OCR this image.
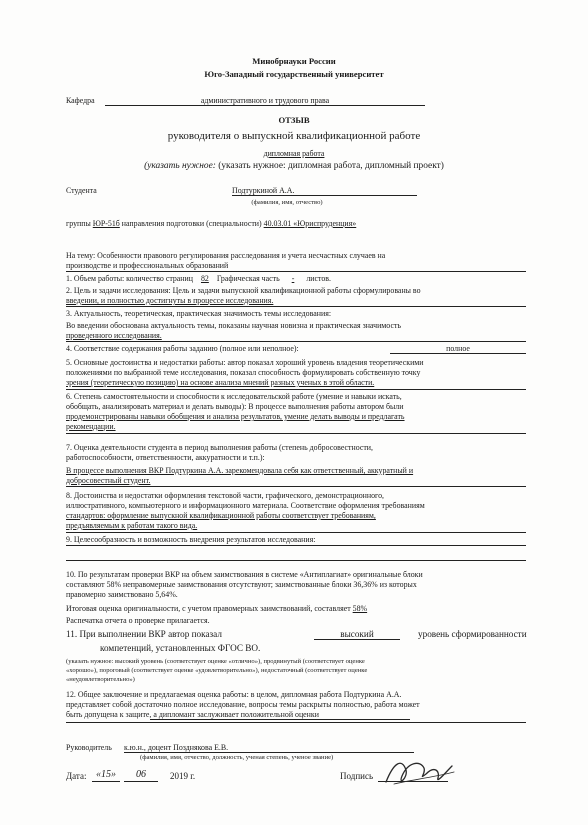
Минобрнауки России
Юго-Западный государственный университет
Кафедра	административного и трудового права
ОТЗЫВ
руководителя о выпускной квалификационной работе
дипломная работа
(указать нужное: (указать нужное: дипломная работа, дипломный проект)
Студента	Подтуркиной А.А.
(фамилия, имя, отчество)
группы ЮР-51б направления подготовки (специальности) 40.03.01 «Юриспруденция»
На тему: Особенности правового регулирования расследования и учета несчастных случаев на
производстве и профессиональных образований
1. Объем работы: количество страниц 82 Графическая часть - листов.
2. Цель и задачи исследования: Цель и задачи выпускной квалификационной работы сформулированы во
введении, и полностью достигнуты в процессе исследования.
3. Актуальность, теоретическая, практическая значимость темы исследования:
Во введении обоснована актуальность темы, показаны научная новизна и практическая значимость
проведенного исследования.
4. Соответствие содержания работы заданию (полное или неполное):	полное
5. Основные достоинства и недостатки работы: автор показал хороший уровень владения теоретическими
положениями по выбранной теме исследования, показал способность формулировать собственную точку
зрения (теоретическую позицию) на основе анализа мнений разных ученых в этой области.
6. Степень самостоятельности и способности к исследовательской работе (умение и навыки искать,
обобщать, анализировать материал и делать выводы): В процессе выполнения работы автором были
продемонстрированы навыки обобщения и анализа результатов, умение делать выводы и предлагать
рекомендации.
7. Оценка деятельности студента в период выполнения работы (степень добросовестности,
работоспособности, ответственности, аккуратности и т.п.):
В процессе выполнения ВКР Подтуркина А.А. зарекомендовала себя как ответственный, аккуратный и
добросовестный студент.
8. Достоинства и недостатки оформления текстовой части, графического, демонстрационного,
иллюстративного, компьютерного и информационного материала. Соответствие оформления требованиям
стандартов: оформление выпускной квалификационной работы соответствует требованиям,
предъявляемым к работам такого вида.
9. Целесообразность и возможность внедрения результатов исследования:
10. По результатам проверки ВКР на объем заимствования в системе «Антиплагиат» оригинальные блоки
составляют 58% неправомерные заимствования отсутствуют; заимствованные блоки 36,36% из которых
правомерно заимствовано 5,64%.
Итоговая оценка оригинальности, с учетом правомерных заимствований, составляет 58%
Распечатка отчета о проверке прилагается.
11. При выполнении ВКР автор показал	высокий	уровень сформированности
компетенций, установленных ФГОС ВО.
(указать нужное: высокий уровень (соответствует оценке «отлично»), продвинутый (соответствует оценке
«хорошо»), пороговый (соответствует оценке «удовлетворительно»), недостаточный (соответствует оценке
«неудовлетворительно»)
12. Общее заключение и предлагаемая оценка работы: в целом, дипломная работа Подтуркина А.А.
представляет собой достаточно полное исследование, вопросы темы раскрыты полностью, работа может
быть допущена к защите, а дипломант заслуживает положительной оценки
Руководитель к.ю.н., доцент Позднякова Е.В.
(фамилия, имя, отчество, должность, ученая степень, ученое звание)
Дата: «15»	06	2019 г.	Подпись
